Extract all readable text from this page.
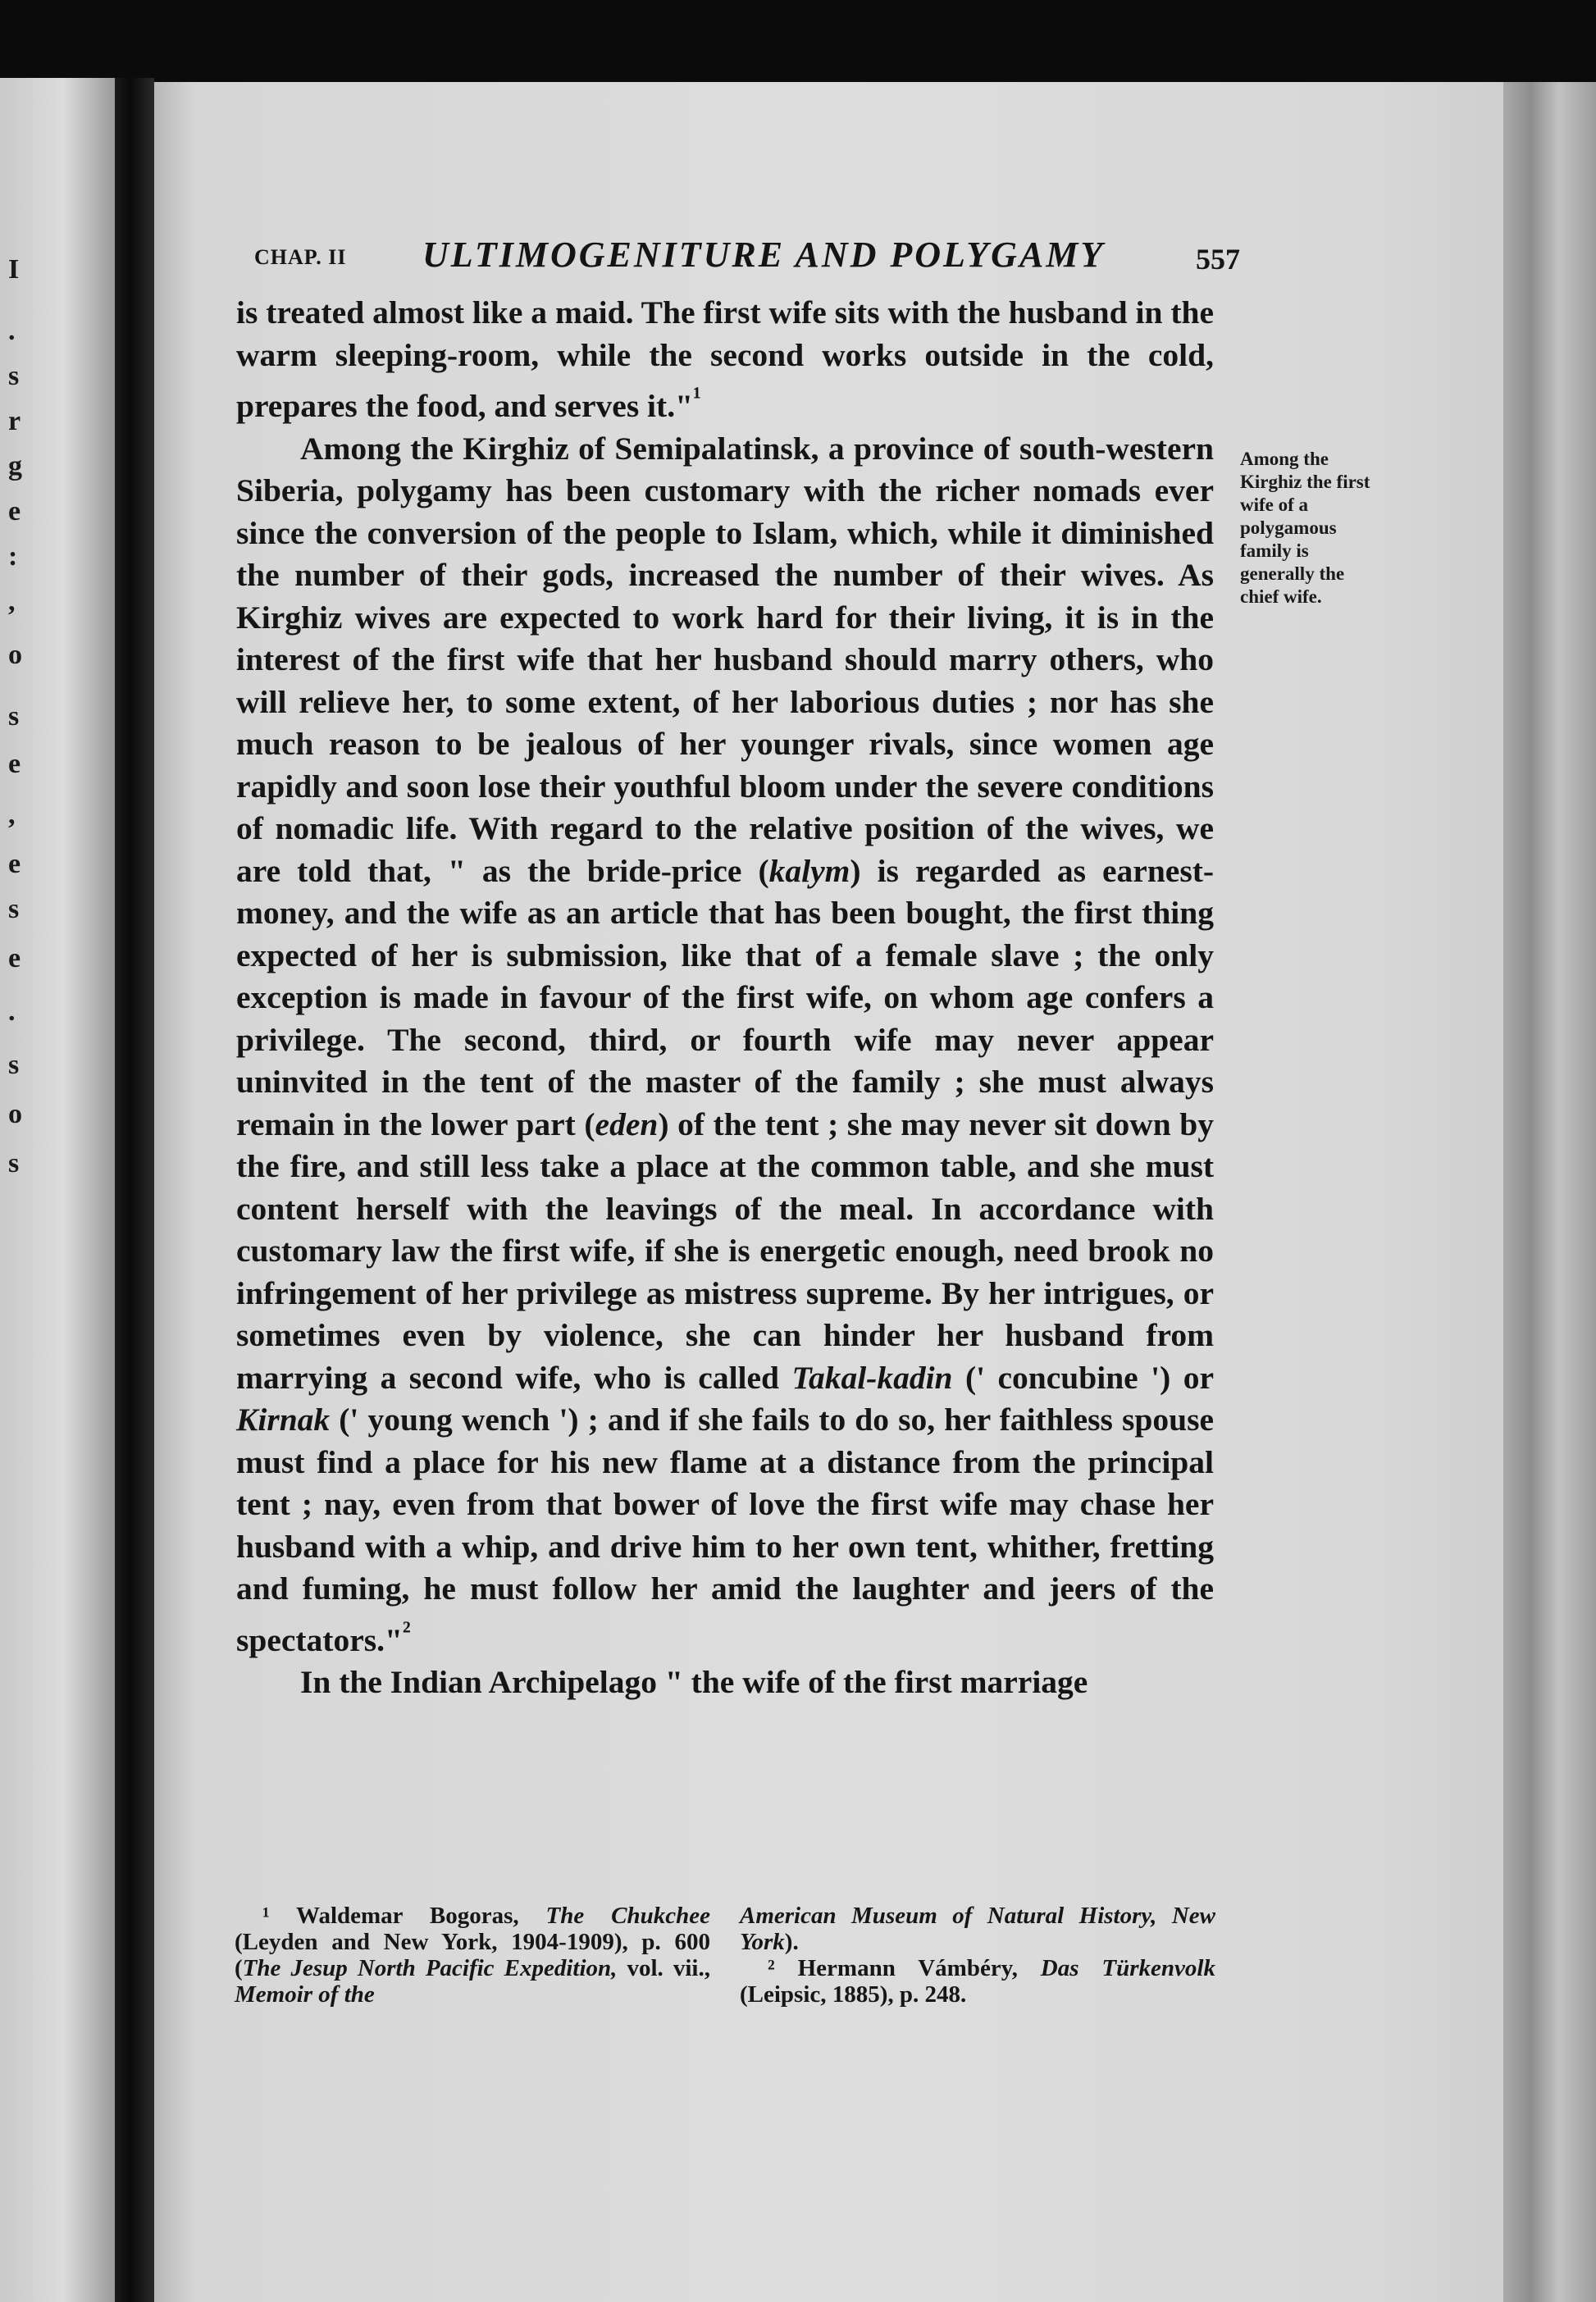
I
.
s
r
g
e
:
,
o
s
e
,
e
s
e
.
s
o
s
CHAP. II ULTIMOGENITURE AND POLYGAMY	557

is treated almost like a maid. The first wife sits with the husband in the warm sleeping-room, while the second works outside in the cold, prepares the food, and serves it."$^{^1}$

Among the Kirghiz of Semipalatinsk, a province of south-western Siberia, polygamy has been customary with the richer nomads ever since the conversion of the people to Islam, which, while it diminished the number of their gods, increased the number of their wives. As Kirghiz wives are expected to work hard for their living, it is in the interest of the first wife that her husband should marry others, who will relieve her, to some extent, of her laborious duties ; nor has she much reason to be jealous of her younger rivals, since women age rapidly and soon lose their youthful bloom under the severe conditions of nomadic life. With regard to the relative position of the wives, we are told that, " as the bride-price (kalym) is regarded as earnest-money, and the wife as an article that has been bought, the first thing expected of her is submission, like that of a female slave ; the only exception is made in favour of the first wife, on whom age confers a privilege. The second, third, or fourth wife may never appear uninvited in the tent of the master of the family ; she must always remain in the lower part (eden) of the tent ; she may never sit down by the fire, and still less take a place at the common table, and she must content herself with the leavings of the meal. In accordance with customary law the first wife, if she is energetic enough, need brook no infringement of her privilege as mistress supreme. By her intrigues, or sometimes even by violence, she can hinder her husband from marrying a second wife, who is called Takal-kadin (' concubine ') or Kirnak (' young wench ') ; and if she fails to do so, her faithless spouse must find a place for his new flame at a distance from the principal tent ; nay, even from that bower of love the first wife may chase her husband with a whip, and drive him to her own tent, whither, fretting and fuming, he must follow her amid the laughter and jeers of the spectators."$^{^2}$

In the Indian Archipelago " the wife of the first marriage

Among the Kirghiz the first wife of a polygamous family is generally the chief wife.

¹ Waldemar Bogoras, The Chukchee (Leyden and New York, 1904-1909), p. 600 (The Jesup North Pacific Expedition, vol. vii., Memoir of the

American Museum of Natural History, New York).

² Hermann Vámbéry, Das Türkenvolk (Leipsic, 1885), p. 248.
